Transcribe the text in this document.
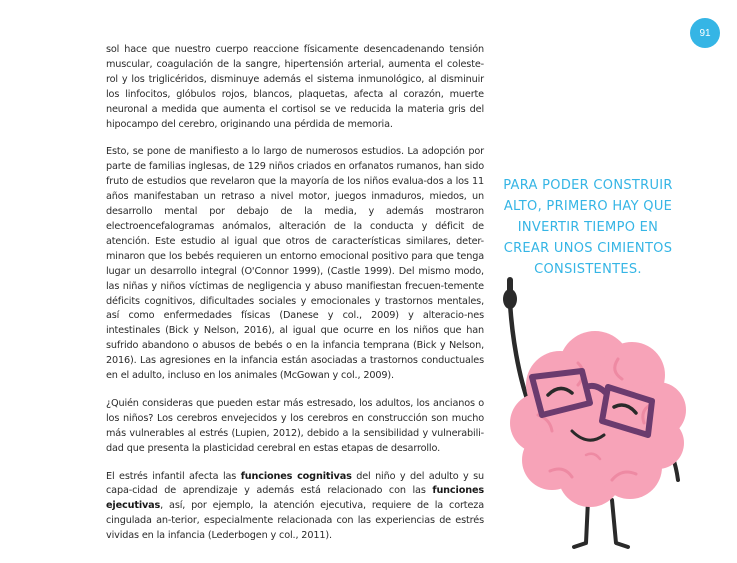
91

sol hace que nuestro cuerpo reaccione físicamente desencadenando tensión muscular, coagulación de la sangre, hipertensión arterial, aumenta el coleste-rol y los triglicéridos, disminuye además el sistema inmunológico, al disminuir los linfocitos, glóbulos rojos, blancos, plaquetas, afecta al corazón, muerte neuronal a medida que aumenta el cortisol se ve reducida la materia gris del hipocampo del cerebro, originando una pérdida de memoria.

Esto, se pone de manifiesto a lo largo de numerosos estudios. La adopción por parte de familias inglesas, de 129 niños criados en orfanatos rumanos, han sido fruto de estudios que revelaron que la mayoría de los niños evalua-dos a los 11 años manifestaban un retraso a nivel motor, juegos inmaduros, miedos, un desarrollo mental por debajo de la media, y además mostraron electroencefalogramas anómalos, alteración de la conducta y déficit de atención. Este estudio al igual que otros de características similares, deter-minaron que los bebés requieren un entorno emocional positivo para que tenga lugar un desarrollo integral (O'Connor 1999), (Castle 1999). Del mismo modo, las niñas y niños víctimas de negligencia y abuso manifiestan frecuen-temente déficits cognitivos, dificultades sociales y emocionales y trastornos mentales, así como enfermedades físicas (Danese y col., 2009) y alteracio-nes intestinales (Bick y Nelson, 2016), al igual que ocurre en los niños que han sufrido abandono o abusos de bebés o en la infancia temprana (Bick y Nelson, 2016). Las agresiones en la infancia están asociadas a trastornos conductuales en el adulto, incluso en los animales (McGowan y col., 2009).

¿Quién consideras que pueden estar más estresado, los adultos, los ancianos o los niños? Los cerebros envejecidos y los cerebros en construcción son mucho más vulnerables al estrés (Lupien, 2012), debido a la sensibilidad y vulnerabili-dad que presenta la plasticidad cerebral en estas etapas de desarrollo.

El estrés infantil afecta las funciones cognitivas del niño y del adulto y su capa-cidad de aprendizaje y además está relacionado con las funciones ejecutivas, así, por ejemplo, la atención ejecutiva, requiere de la corteza cingulada an-terior, especialmente relacionada con las experiencias de estrés vividas en la infancia (Lederbogen y col., 2011).

PARA PODER CONSTRUIR ALTO, PRIMERO HAY QUE INVERTIR TIEMPO EN CREAR UNOS CIMIENTOS CONSISTENTES.
